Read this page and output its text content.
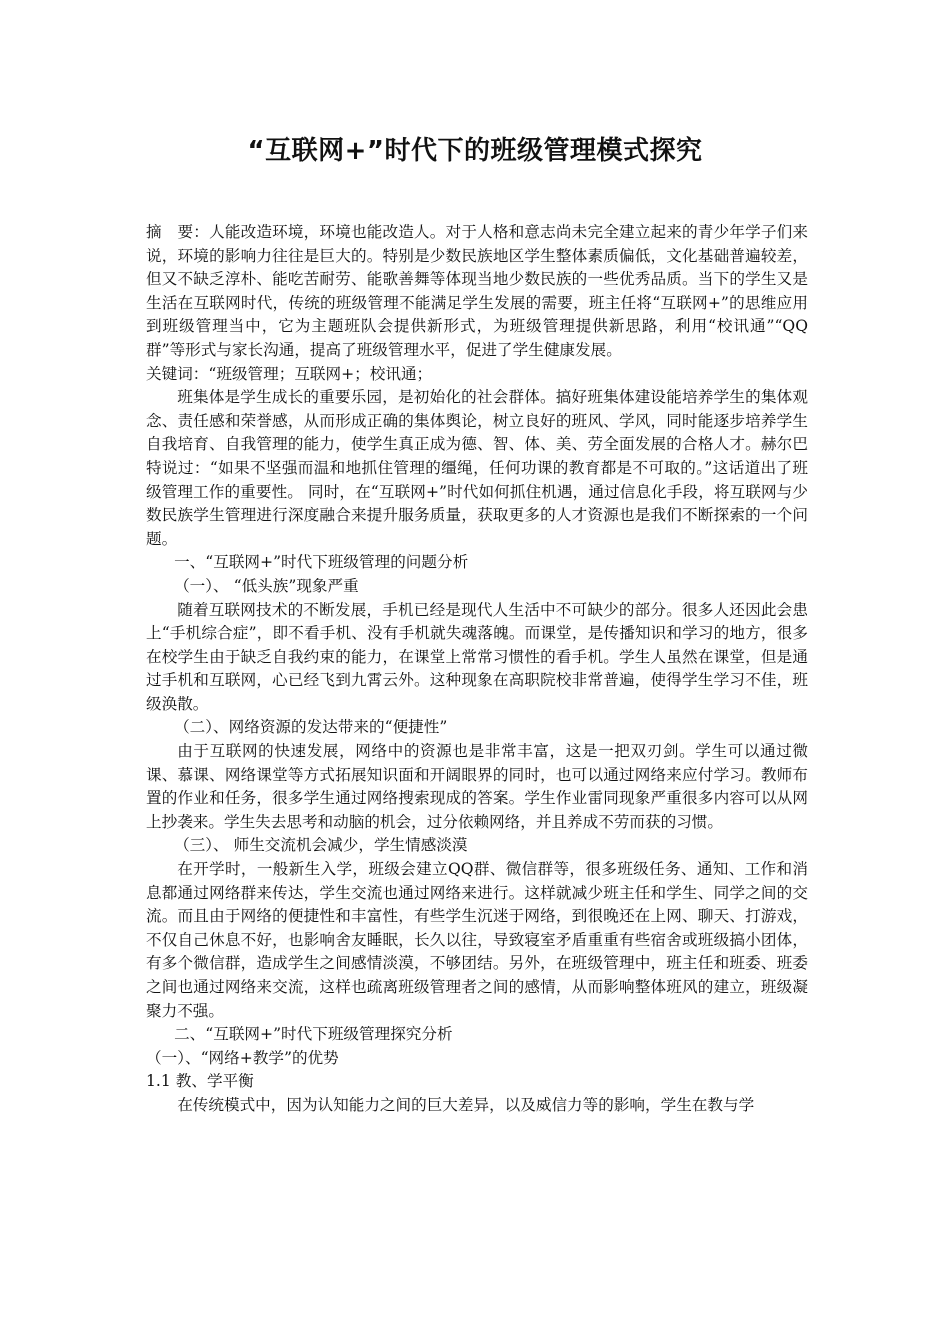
“互联网+”时代下的班级管理模式探究

摘　要：人能改造环境，环境也能改造人。对于人格和意志尚未完全建立起来的青少年学子们来说，环境的影响力往往是巨大的。特别是少数民族地区学生整体素质偏低，文化基础普遍较差，但又不缺乏淳朴、能吃苦耐劳、能歌善舞等体现当地少数民族的一些优秀品质。当下的学生又是生活在互联网时代，传统的班级管理不能满足学生发展的需要，班主任将“互联网+”的思维应用到班级管理当中，它为主题班队会提供新形式，为班级管理提供新思路，利用“校讯通”“QQ群”等形式与家长沟通，提高了班级管理水平，促进了学生健康发展。

关键词：“班级管理；互联网+；校讯通；

班集体是学生成长的重要乐园，是初始化的社会群体。搞好班集体建设能培养学生的集体观念、责任感和荣誉感，从而形成正确的集体舆论，树立良好的班风、学风，同时能逐步培养学生自我培育、自我管理的能力，使学生真正成为德、智、体、美、劳全面发展的合格人才。赫尔巴特说过：“如果不坚强而温和地抓住管理的缰绳，任何功课的教育都是不可取的。”这话道出了班级管理工作的重要性。 同时，在“互联网+”时代如何抓住机遇，通过信息化手段，将互联网与少数民族学生管理进行深度融合来提升服务质量，获取更多的人才资源也是我们不断探索的一个问题。

一、“互联网+”时代下班级管理的问题分析

（一）、 “低头族”现象严重

随着互联网技术的不断发展，手机已经是现代人生活中不可缺少的部分。很多人还因此会患上“手机综合症”，即不看手机、没有手机就失魂落魄。而课堂，是传播知识和学习的地方，很多在校学生由于缺乏自我约束的能力，在课堂上常常习惯性的看手机。学生人虽然在课堂，但是通过手机和互联网，心已经飞到九霄云外。这种现象在高职院校非常普遍，使得学生学习不佳，班级涣散。

（二）、网络资源的发达带来的“便捷性”

由于互联网的快速发展，网络中的资源也是非常丰富，这是一把双刃剑。学生可以通过微课、慕课、网络课堂等方式拓展知识面和开阔眼界的同时，也可以通过网络来应付学习。教师布置的作业和任务，很多学生通过网络搜索现成的答案。学生作业雷同现象严重很多内容可以从网上抄袭来。学生失去思考和动脑的机会，过分依赖网络，并且养成不劳而获的习惯。

（三）、 师生交流机会减少，学生情感淡漠

在开学时，一般新生入学，班级会建立QQ群、微信群等，很多班级任务、通知、工作和消息都通过网络群来传达，学生交流也通过网络来进行。这样就减少班主任和学生、同学之间的交流。而且由于网络的便捷性和丰富性，有些学生沉迷于网络，到很晚还在上网、聊天、打游戏，不仅自己休息不好，也影响舍友睡眠，长久以往，导致寝室矛盾重重有些宿舍或班级搞小团体，有多个微信群，造成学生之间感情淡漠，不够团结。另外，在班级管理中，班主任和班委、班委之间也通过网络来交流，这样也疏离班级管理者之间的感情，从而影响整体班风的建立，班级凝聚力不强。

二、“互联网+”时代下班级管理探究分析

（一）、“网络+教学”的优势

1.1 教、学平衡

在传统模式中，因为认知能力之间的巨大差异，以及威信力等的影响，学生在教与学
